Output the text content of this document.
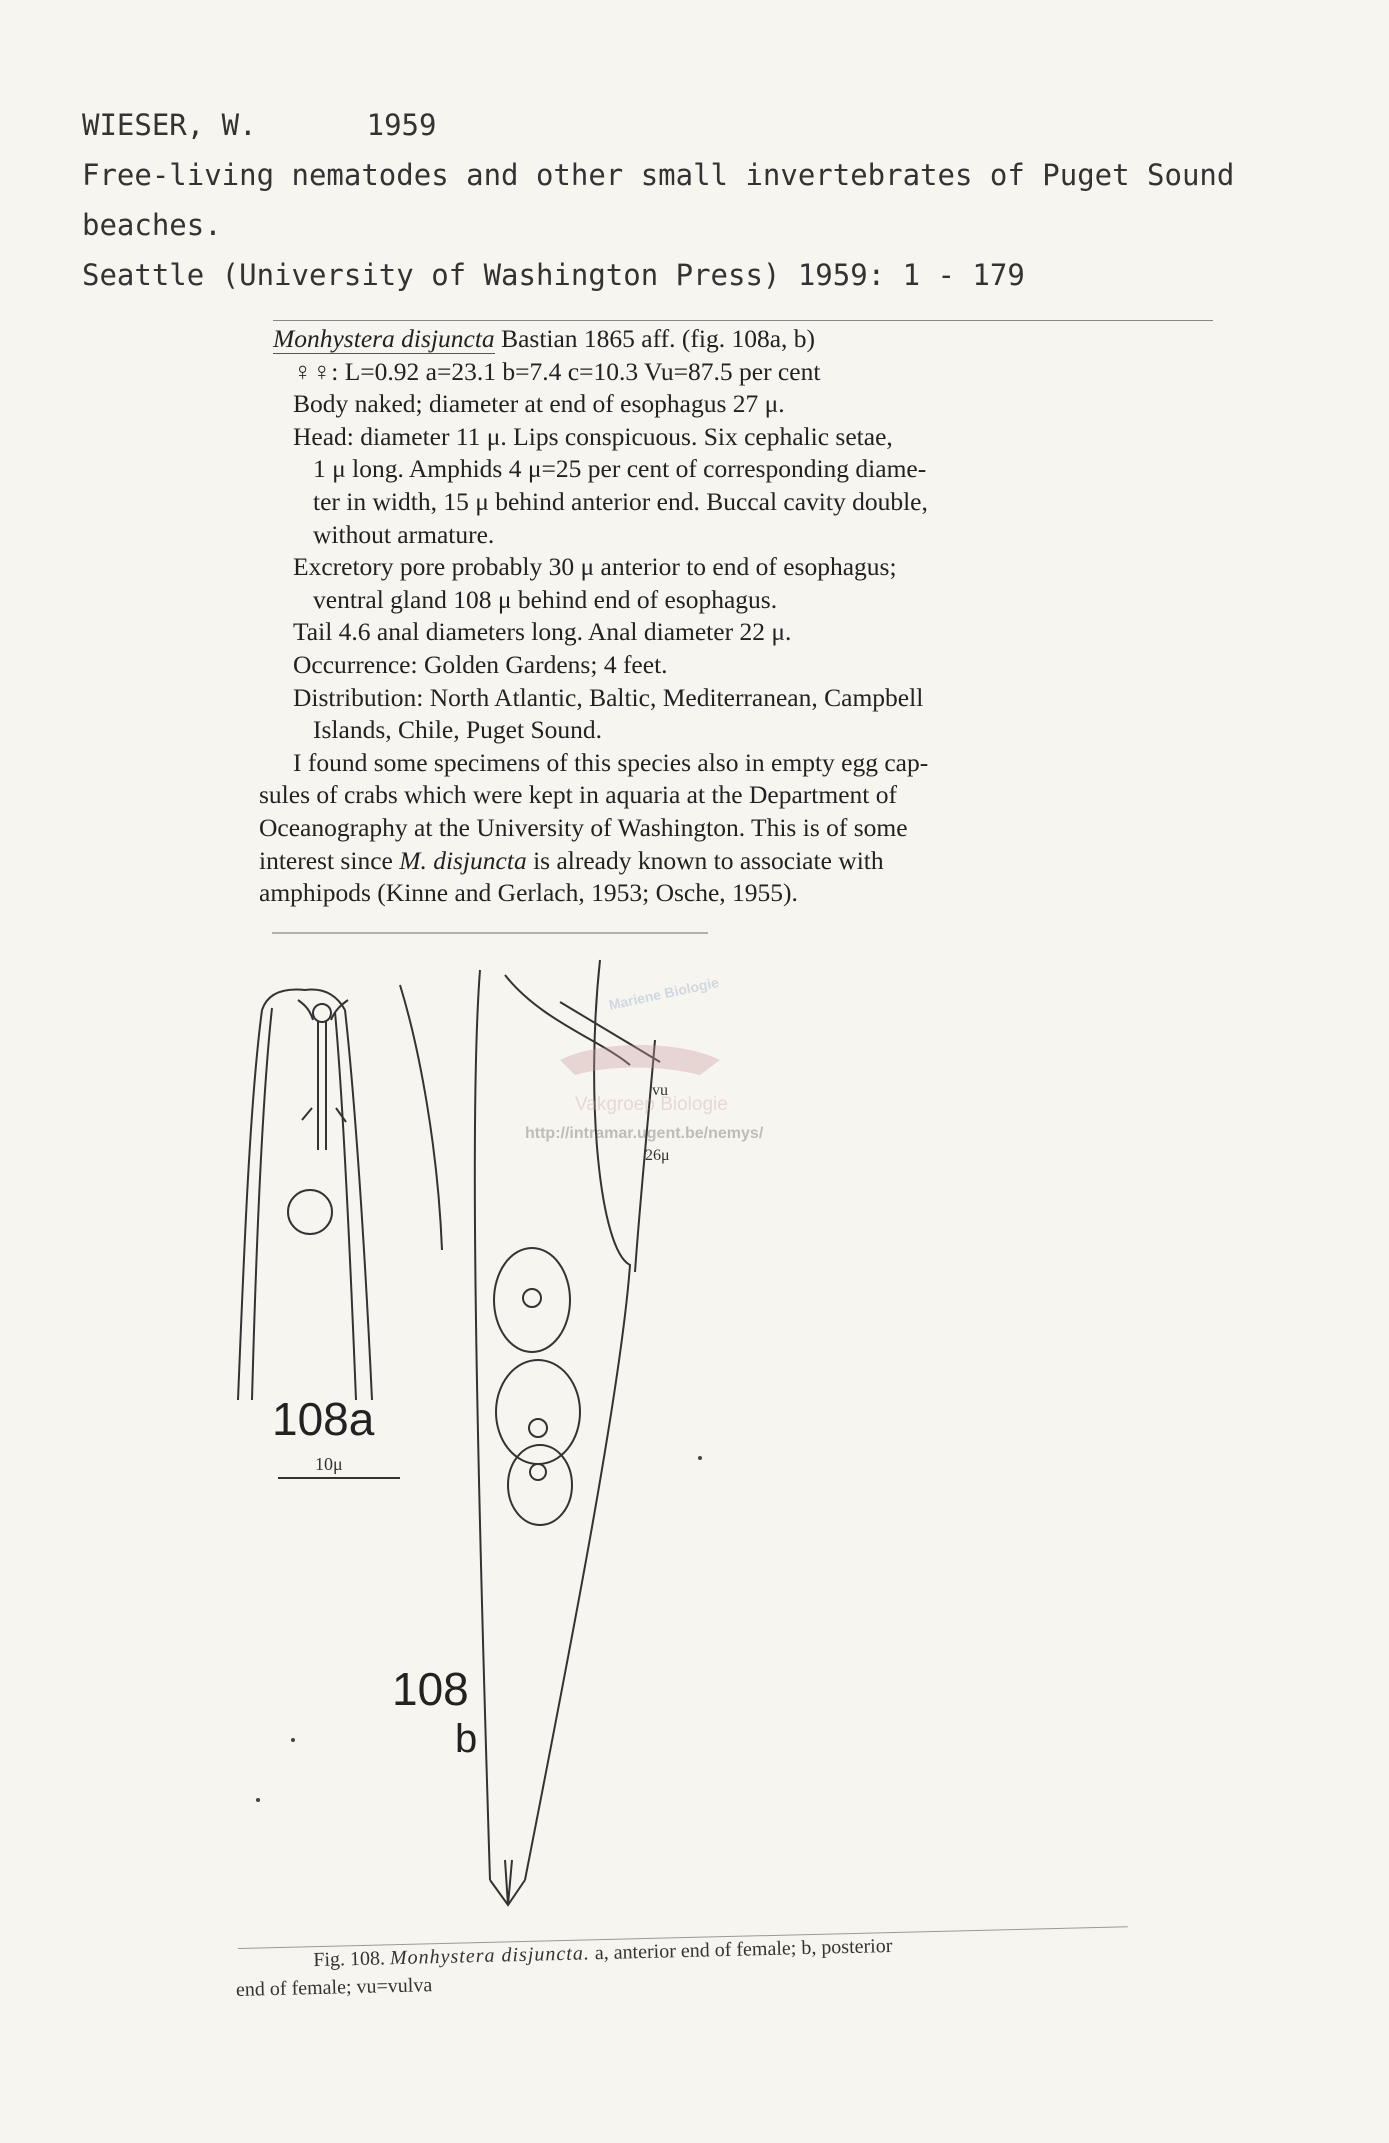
WIESER, W.	1959
Free-living nematodes and other small invertebrates of Puget Sound
beaches.
Seattle (University of Washington Press) 1959: 1 - 179

Monhystera disjuncta Bastian 1865 aff. (fig. 108a, b)

♀♀: L=0.92 a=23.1 b=7.4 c=10.3 Vu=87.5 per cent

Body naked; diameter at end of esophagus 27 μ.

Head: diameter 11 μ. Lips conspicuous. Six cephalic setae,

1 μ long. Amphids 4 μ=25 per cent of corresponding diame-

ter in width, 15 μ behind anterior end. Buccal cavity double,

without armature.

Excretory pore probably 30 μ anterior to end of esophagus;

ventral gland 108 μ behind end of esophagus.

Tail 4.6 anal diameters long. Anal diameter 22 μ.

Occurrence: Golden Gardens; 4 feet.

Distribution: North Atlantic, Baltic, Mediterranean, Campbell

Islands, Chile, Puget Sound.

I found some specimens of this species also in empty egg cap-

sules of crabs which were kept in aquaria at the Department of

Oceanography at the University of Washington. This is of some

interest since M. disjuncta is already known to associate with

amphipods (Kinne and Gerlach, 1953; Osche, 1955).

108a
10μ
vu
26μ
108
b
Mariene Biologie
Vakgroep Biologie
http://intramar.ugent.be/nemys/
Fig. 108. Monhystera disjuncta. a, anterior end of female; b, posterior
end of female; vu=vulva
